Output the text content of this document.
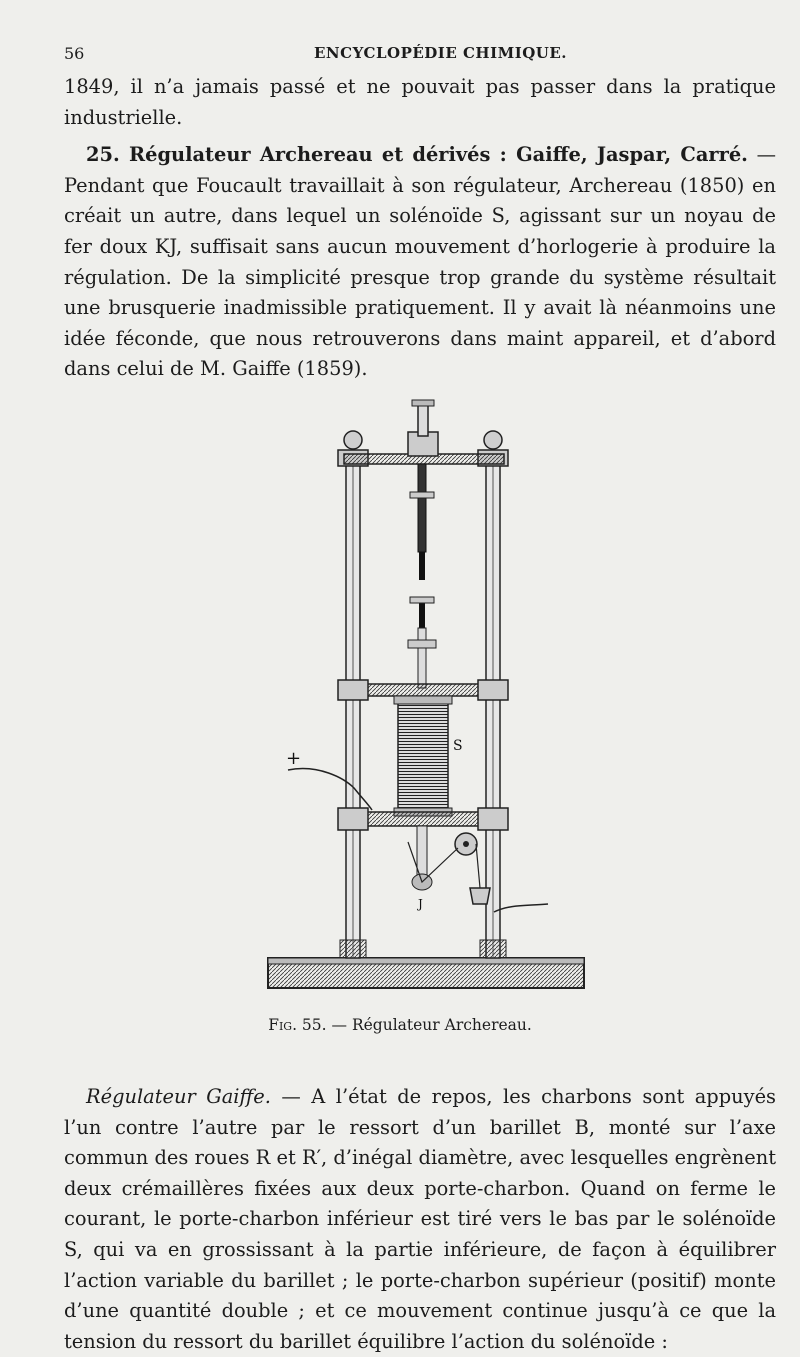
56	ENCYCLOPÉDIE CHIMIQUE.

1849, il n’a jamais passé et ne pouvait pas passer dans la pratique industrielle.

25. Régulateur Archereau et dérivés : Gaiffe, Jaspar, Carré. — Pendant que Foucault travaillait à son régulateur, Archereau (1850) en créait un autre, dans lequel un solénoïde S, agissant sur un noyau de fer doux KJ, suffisait sans aucun mouvement d’horlogerie à produire la régulation. De la simplicité presque trop grande du système résultait une brusquerie inadmissible pratiquement. Il y avait là néanmoins une idée féconde, que nous retrouverons dans maint appareil, et d’abord dans celui de M. Gaiffe (1859).

S
J
+
Fig. 55. — Régulateur Archereau.

Régulateur Gaiffe. — A l’état de repos, les charbons sont appuyés l’un contre l’autre par le ressort d’un barillet B, monté sur l’axe commun des roues R et R′, d’inégal diamètre, avec lesquelles engrènent deux crémaillères fixées aux deux porte-charbon. Quand on ferme le courant, le porte-charbon inférieur est tiré vers le bas par le solénoïde S, qui va en grossissant à la partie inférieure, de façon à équilibrer l’action variable du barillet ; le porte-charbon supérieur (positif) monte d’une quantité double ; et ce mouvement continue jusqu’à ce que la tension du ressort du barillet équilibre l’action du solénoïde :
